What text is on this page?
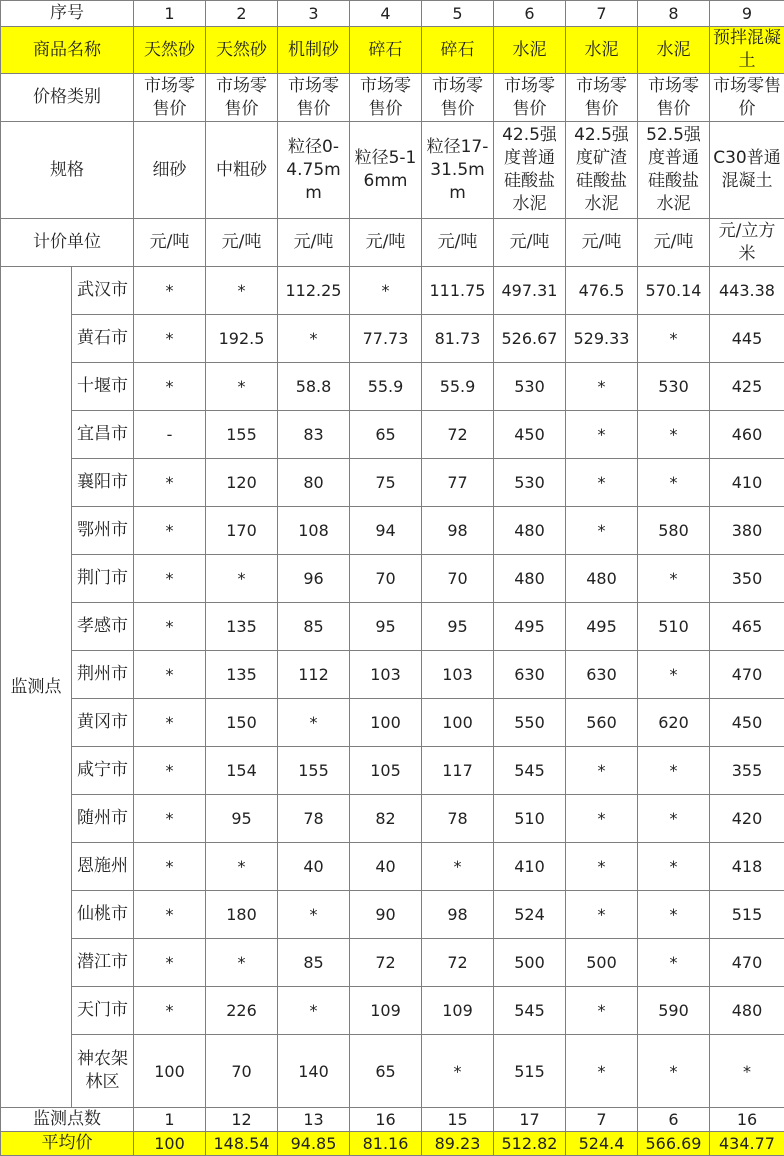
序号		1	2	3	4	5	6	7	8	9
商品名称		天然砂	天然砂	机制砂	碎石	碎石	水泥	水泥	水泥	预拌混凝土
价格类别		市场零售价	市场零售价	市场零售价	市场零售价	市场零售价	市场零售价	市场零售价	市场零售价	市场零售价
规格		细砂	中粗砂	粒径0-4.75mm	粒径5-16mm	粒径17-31.5mm	42.5强度普通硅酸盐水泥	42.5强度矿渣硅酸盐水泥	52.5强度普通硅酸盐水泥	C30普通混凝土
计价单位		元/吨	元/吨	元/吨	元/吨	元/吨	元/吨	元/吨	元/吨	元/立方米
监测点	武汉市	*	*	112.25	*	111.75	497.31	476.5	570.14	443.38
	黄石市	*	192.5	*	77.73	81.73	526.67	529.33	*	445
	十堰市	*	*	58.8	55.9	55.9	530	*	530	425
	宜昌市	-	155	83	65	72	450	*	*	460
	襄阳市	*	120	80	75	77	530	*	*	410
	鄂州市	*	170	108	94	98	480	*	580	380
	荆门市	*	*	96	70	70	480	480	*	350
	孝感市	*	135	85	95	95	495	495	510	465
	荆州市	*	135	112	103	103	630	630	*	470
	黄冈市	*	150	*	100	100	550	560	620	450
	咸宁市	*	154	155	105	117	545	*	*	355
	随州市	*	95	78	82	78	510	*	*	420
	恩施州	*	*	40	40	*	410	*	*	418
	仙桃市	*	180	*	90	98	524	*	*	515
	潜江市	*	*	85	72	72	500	500	*	470
	天门市	*	226	*	109	109	545	*	590	480
	神农架林区	100	70	140	65	*	515	*	*	*
监测点数		1	12	13	16	15	17	7	6	16
平均价		100	148.54	94.85	81.16	89.23	512.82	524.4	566.69	434.77
